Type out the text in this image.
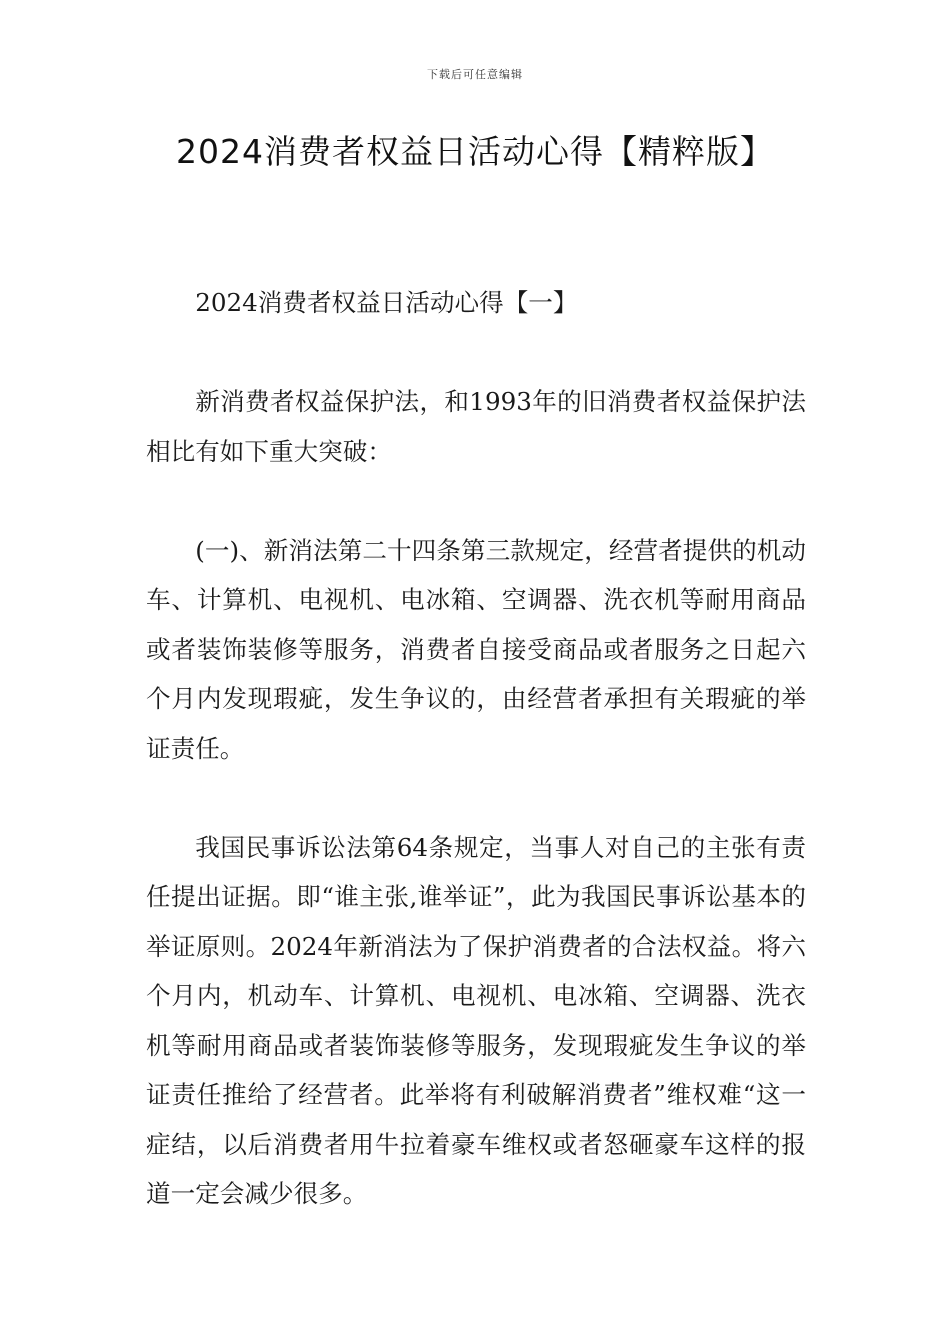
下载后可任意编辑
2024消费者权益日活动心得【精粹版】

2024消费者权益日活动心得【一】

新消费者权益保护法，和1993年的旧消费者权益保护法相比有如下重大突破：

(一)、新消法第二十四条第三款规定，经营者提供的机动车、计算机、电视机、电冰箱、空调器、洗衣机等耐用商品或者装饰装修等服务，消费者自接受商品或者服务之日起六个月内发现瑕疵，发生争议的，由经营者承担有关瑕疵的举证责任。

我国民事诉讼法第64条规定，当事人对自己的主张有责任提出证据。即“谁主张,谁举证”，此为我国民事诉讼基本的举证原则。2024年新消法为了保护消费者的合法权益。将六个月内，机动车、计算机、电视机、电冰箱、空调器、洗衣机等耐用商品或者装饰装修等服务，发现瑕疵发生争议的举证责任推给了经营者。此举将有利破解消费者”维权难“这一症结，以后消费者用牛拉着豪车维权或者怒砸豪车这样的报道一定会减少很多。
